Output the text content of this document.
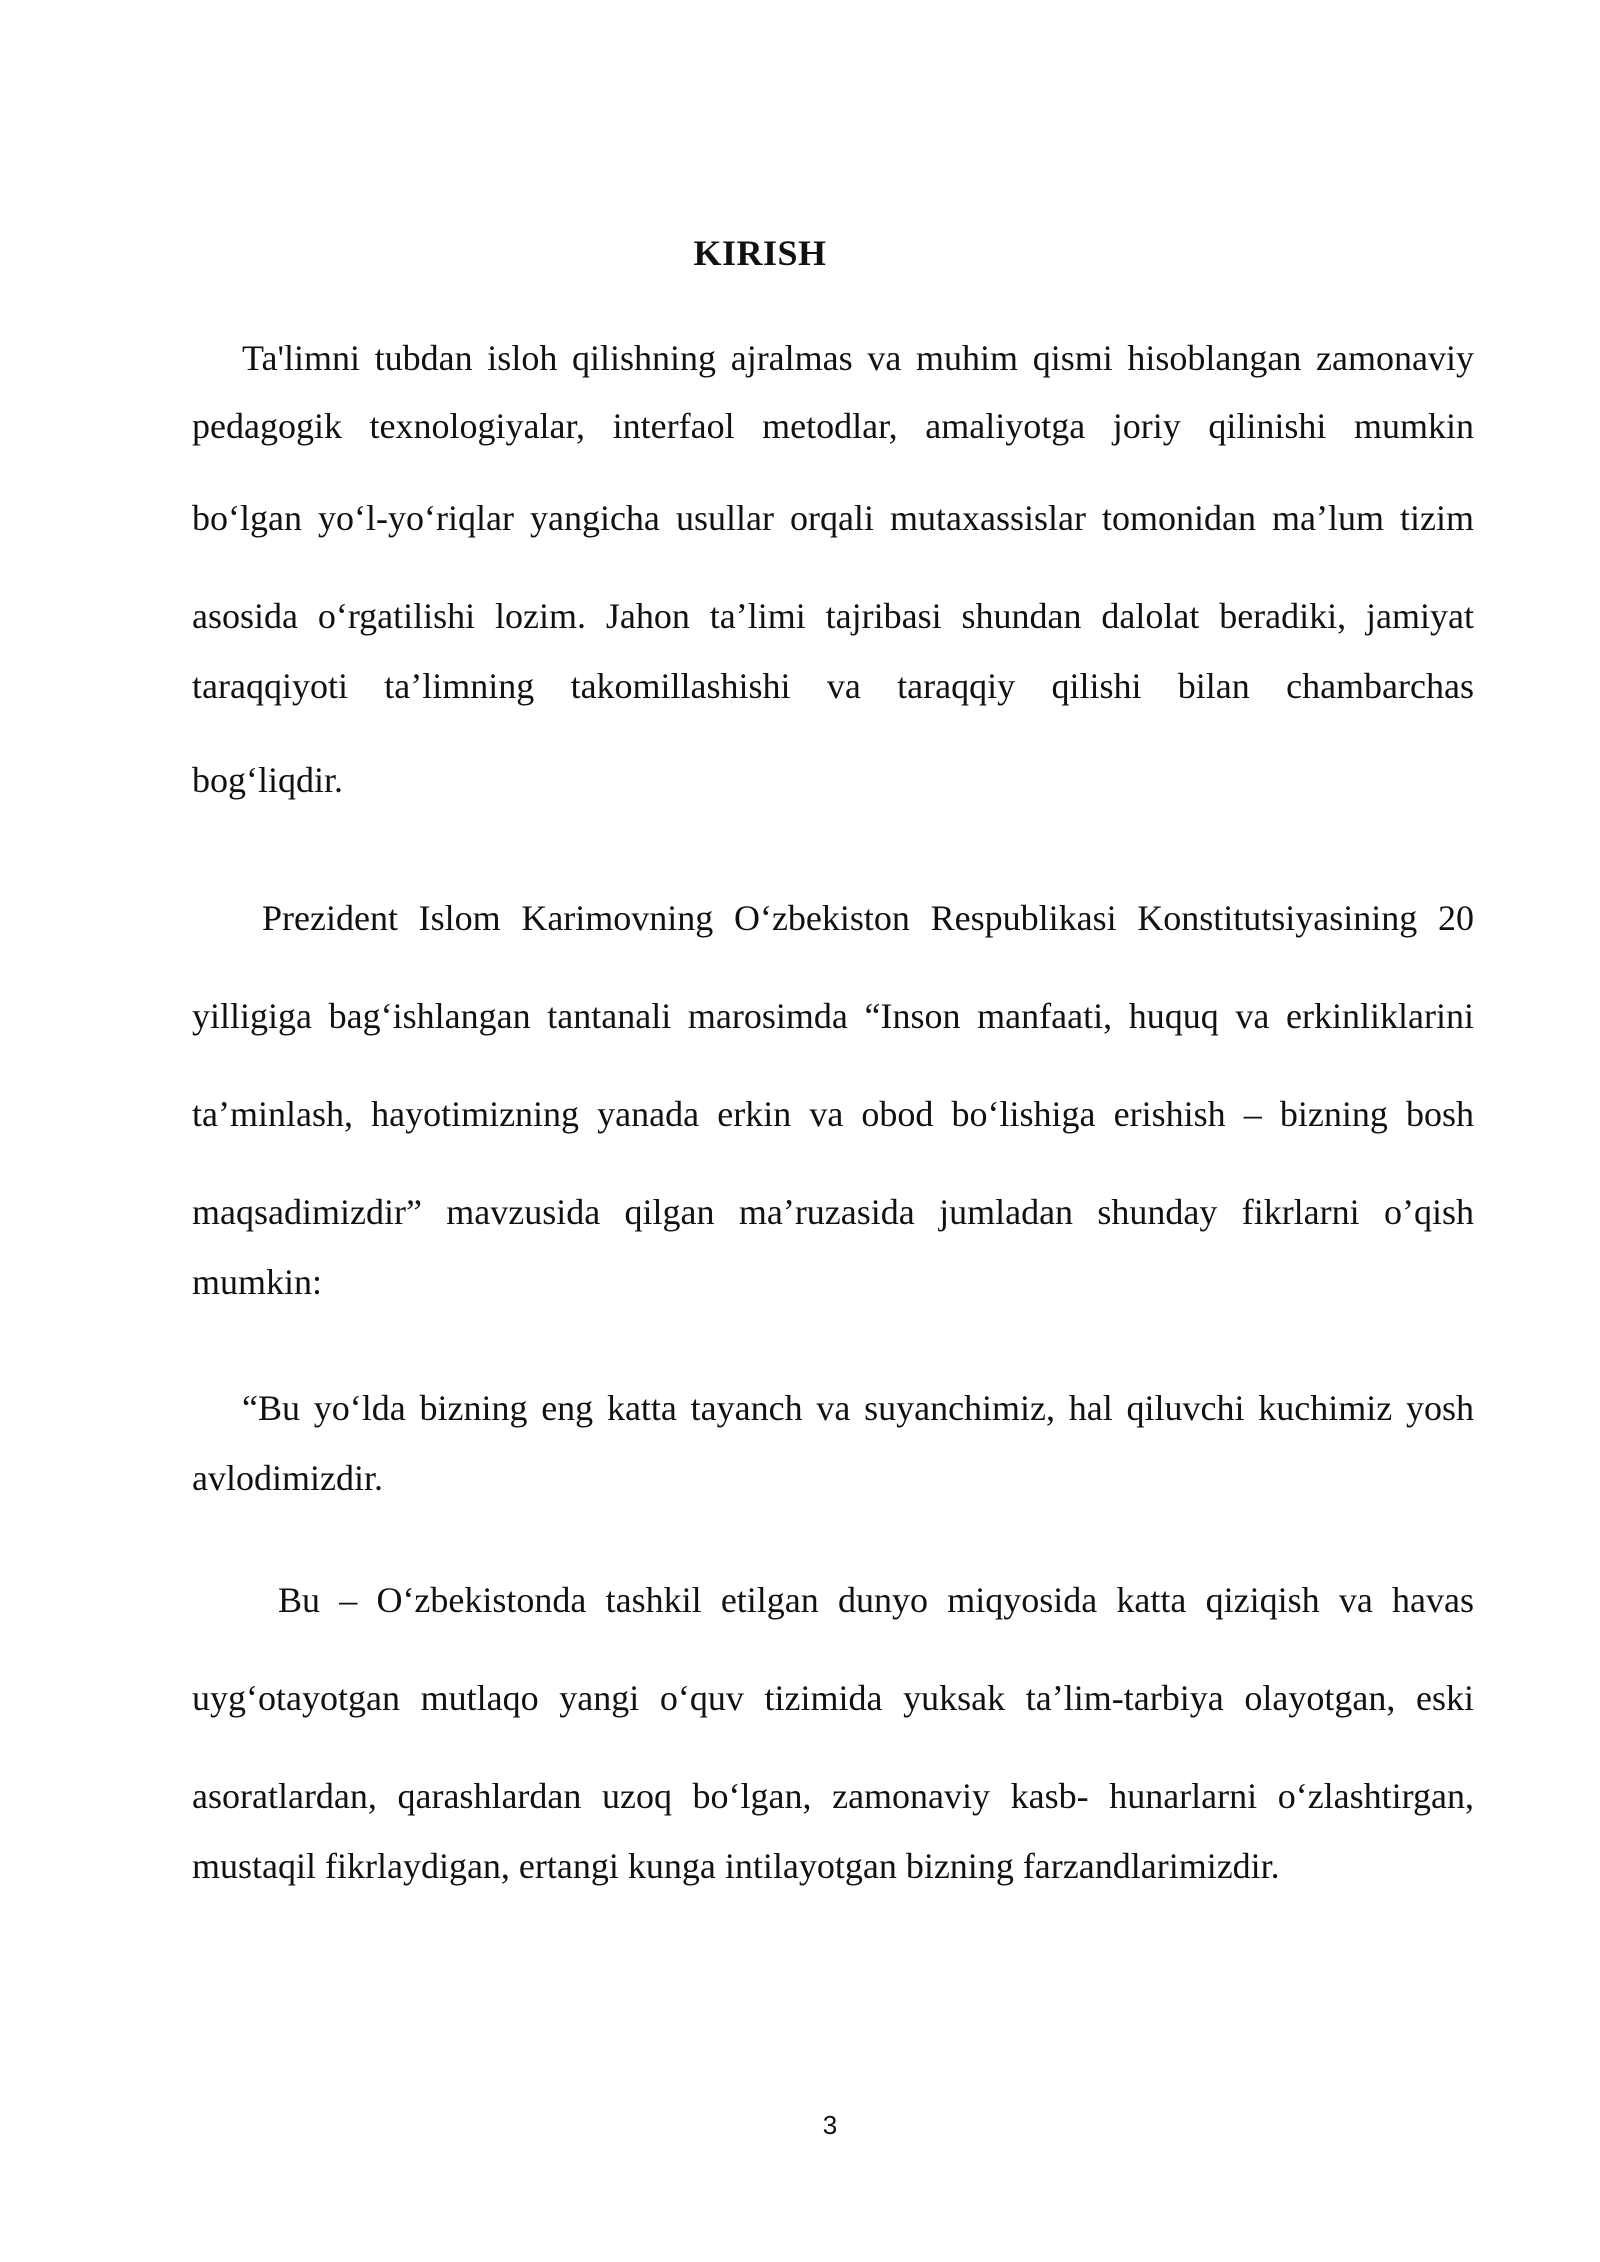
KIRISH
Ta'limni tubdan isloh qilishning ajralmas va muhim qismi hisoblangan zamonaviy
pedagogik texnologiyalar, interfaol metodlar, amaliyotga joriy qilinishi mumkin
boʻlgan yoʻl-yoʻriqlar yangicha usullar orqali mutaxassislar tomonidan maʼlum tizim
asosida oʻrgatilishi lozim. Jahon taʼlimi tajribasi shundan dalolat beradiki, jamiyat
taraqqiyoti ta’limning takomillashishi va taraqqiy qilishi bilan chambarchas
bogʻliqdir.
Prezident Islom Karimovning Oʻzbekiston Respublikasi Konstitutsiyasining 20
yilligiga bagʻishlangan tantanali marosimda “Inson manfaati, huquq va erkinliklarini
taʼminlash, hayotimizning yanada erkin va obod boʻlishiga erishish – bizning bosh
maqsadimizdir” mavzusida qilgan maʼruzasida jumladan shunday fikrlarni o’qish
mumkin:
“Bu yoʻlda bizning eng katta tayanch va suyanchimiz, hal qiluvchi kuchimiz yosh
avlodimizdir.
Bu – Oʻzbekistonda tashkil etilgan dunyo miqyosida katta qiziqish va havas
uygʻotayotgan mutlaqo yangi oʻquv tizimida yuksak taʼlim-tarbiya olayotgan, eski
asoratlardan, qarashlardan uzoq boʻlgan, zamonaviy kasb- hunarlarni oʻzlashtirgan,
mustaqil fikrlaydigan, ertangi kunga intilayotgan bizning farzandlarimizdir.
3
